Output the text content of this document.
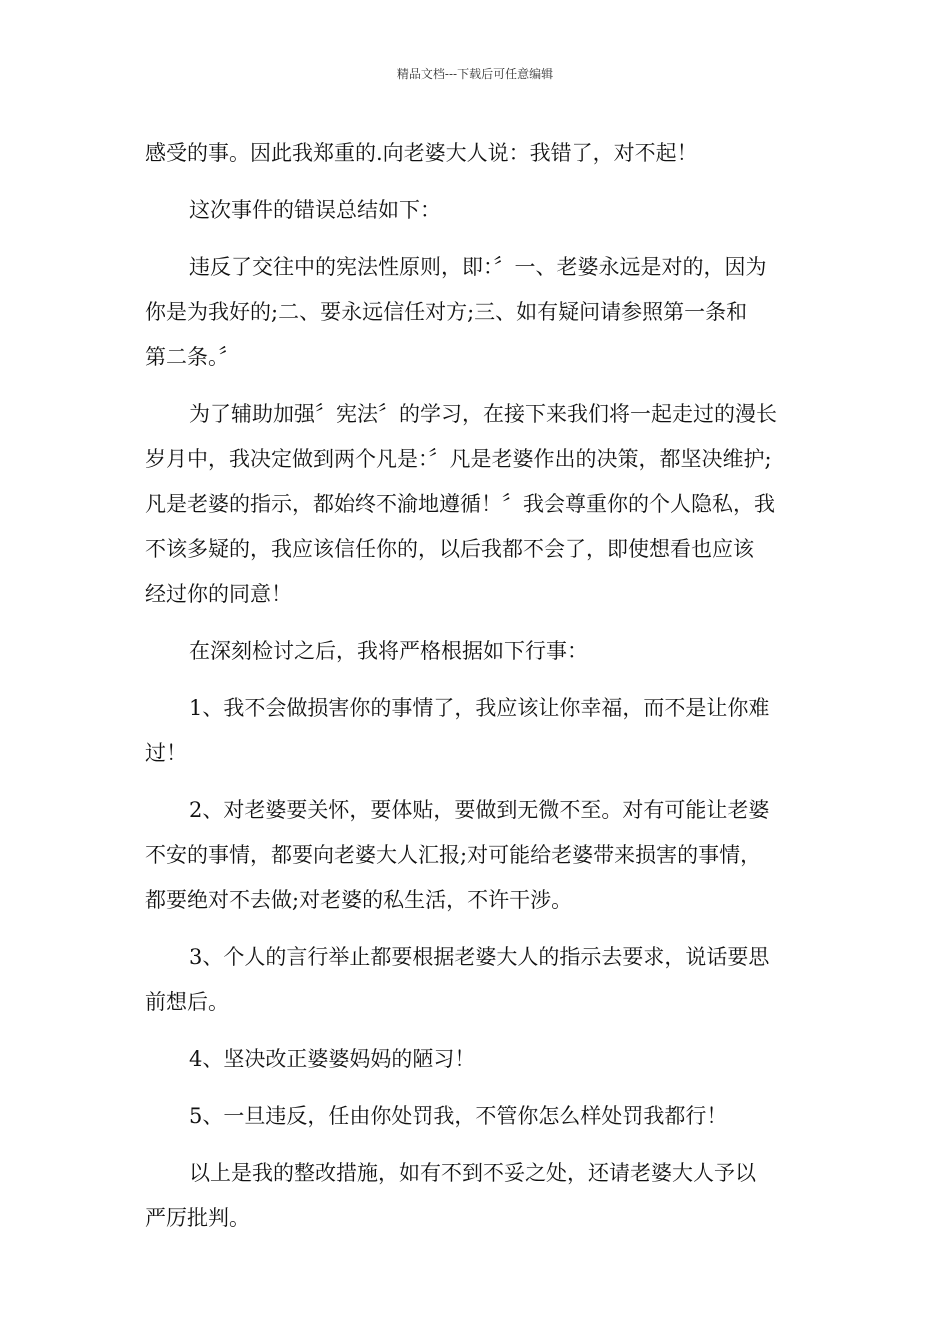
精品文档---下载后可任意编辑
感受的事。因此我郑重的.向老婆大人说：我错了，对不起！
这次事件的错误总结如下：
违反了交往中的宪法性原则，即：〞一、老婆永远是对的，因为
你是为我好的;二、要永远信任对方;三、如有疑问请参照第一条和
第二条。〞
为了辅助加强〞宪法〞的学习，在接下来我们将一起走过的漫长
岁月中，我决定做到两个凡是：〞凡是老婆作出的决策，都坚决维护;
凡是老婆的指示，都始终不渝地遵循！〞我会尊重你的个人隐私，我
不该多疑的，我应该信任你的，以后我都不会了，即使想看也应该
经过你的同意！
在深刻检讨之后，我将严格根据如下行事：
1、我不会做损害你的事情了，我应该让你幸福，而不是让你难
过！
2、对老婆要关怀，要体贴，要做到无微不至。对有可能让老婆
不安的事情，都要向老婆大人汇报;对可能给老婆带来损害的事情，
都要绝对不去做;对老婆的私生活，不许干涉。
3、个人的言行举止都要根据老婆大人的指示去要求，说话要思
前想后。
4、坚决改正婆婆妈妈的陋习！
5、一旦违反，任由你处罚我，不管你怎么样处罚我都行！
以上是我的整改措施，如有不到不妥之处，还请老婆大人予以
严厉批判。
